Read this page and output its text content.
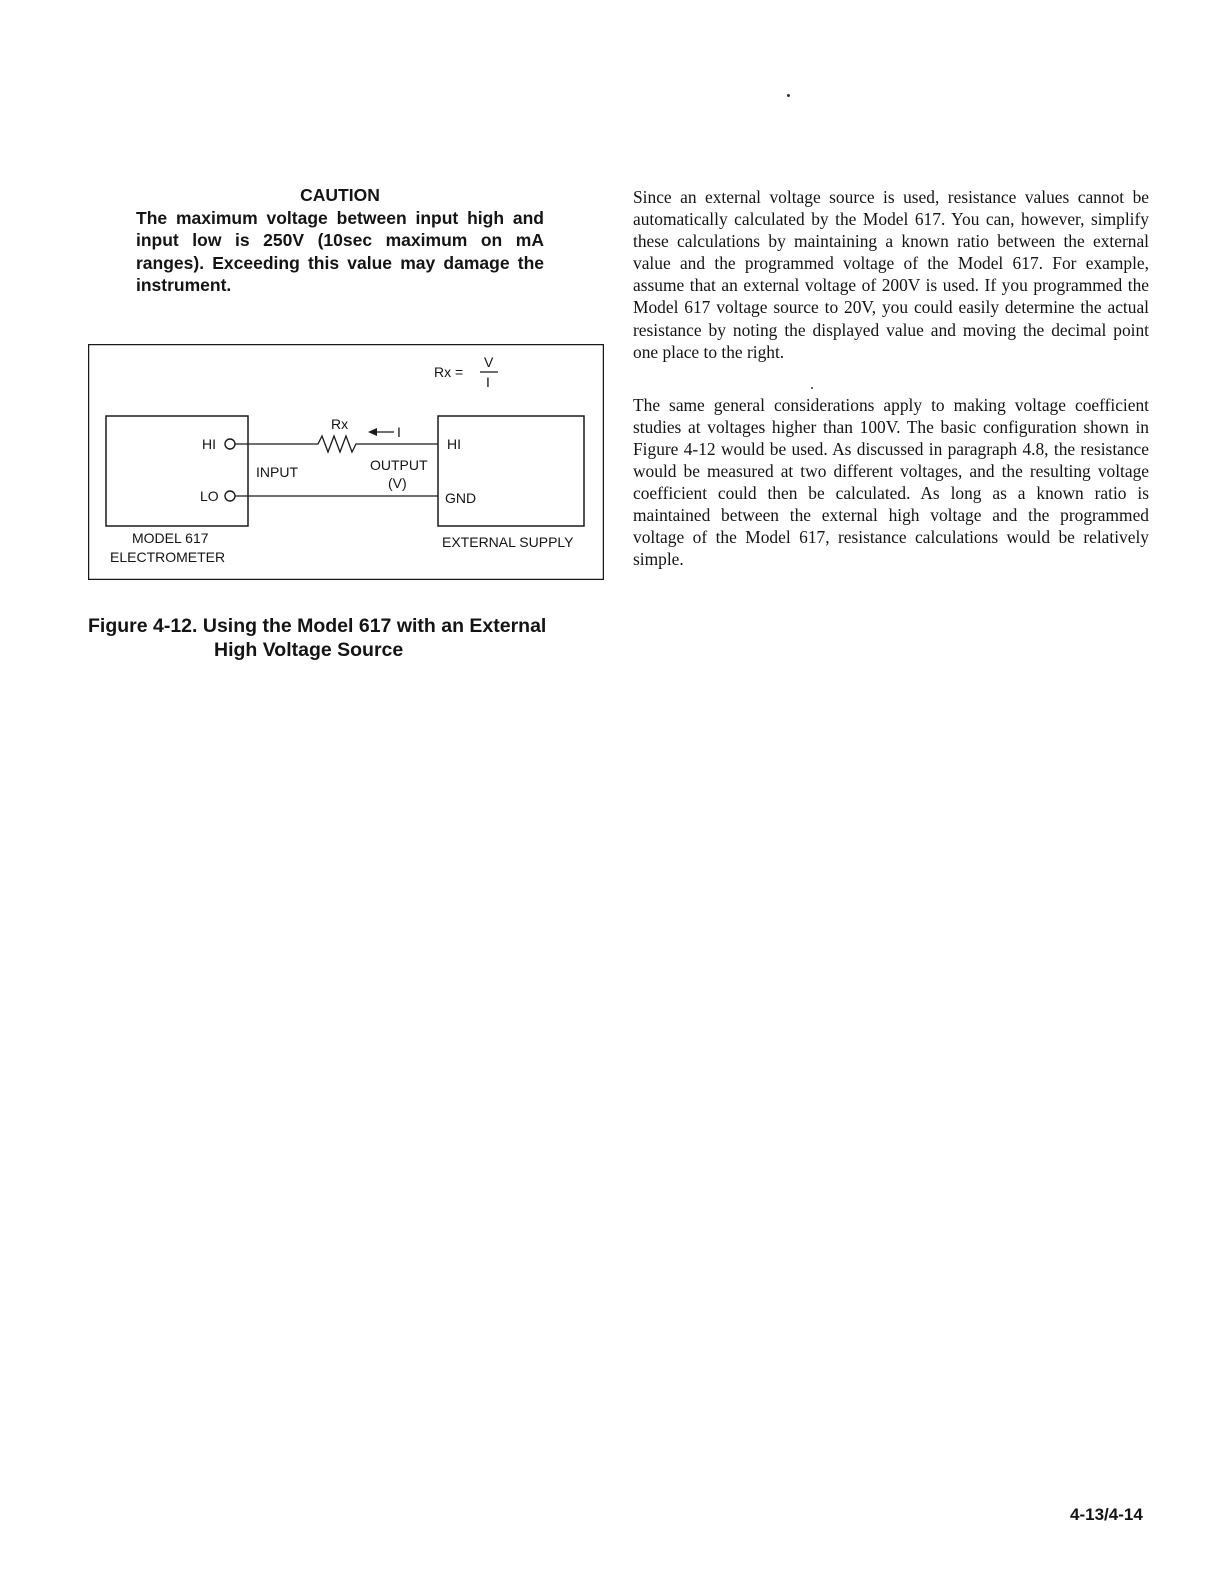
CAUTION
The maximum voltage between input high and input low is 250V (10sec maximum on mA ranges). Exceeding this value may damage the instrument.
Rx =
V
I
Rx	I
HI
LO
INPUT	OUTPUT
(V)
HI
GND
MODEL 617
ELECTROMETER
EXTERNAL SUPPLY
Figure 4-12. Using the Model 617 with an External
High Voltage Source

Since an external voltage source is used, resistance values cannot be automatically calculated by the Model 617. You can, however, simplify these calculations by maintaining a known ratio between the external value and the programmed voltage of the Model 617. For example, assume that an external voltage of 200V is used. If you programmed the Model 617 voltage source to 20V, you could easily determine the actual resistance by noting the displayed value and moving the decimal point one place to the right.

The same general considerations apply to making voltage coefficient studies at voltages higher than 100V. The basic configuration shown in Figure 4-12 would be used. As discussed in paragraph 4.8, the resistance would be measured at two different voltages, and the resulting voltage coefficient could then be calculated. As long as a known ratio is maintained between the external high voltage and the programmed voltage of the Model 617, resistance calculations would be relatively simple.

4-13/4-14
